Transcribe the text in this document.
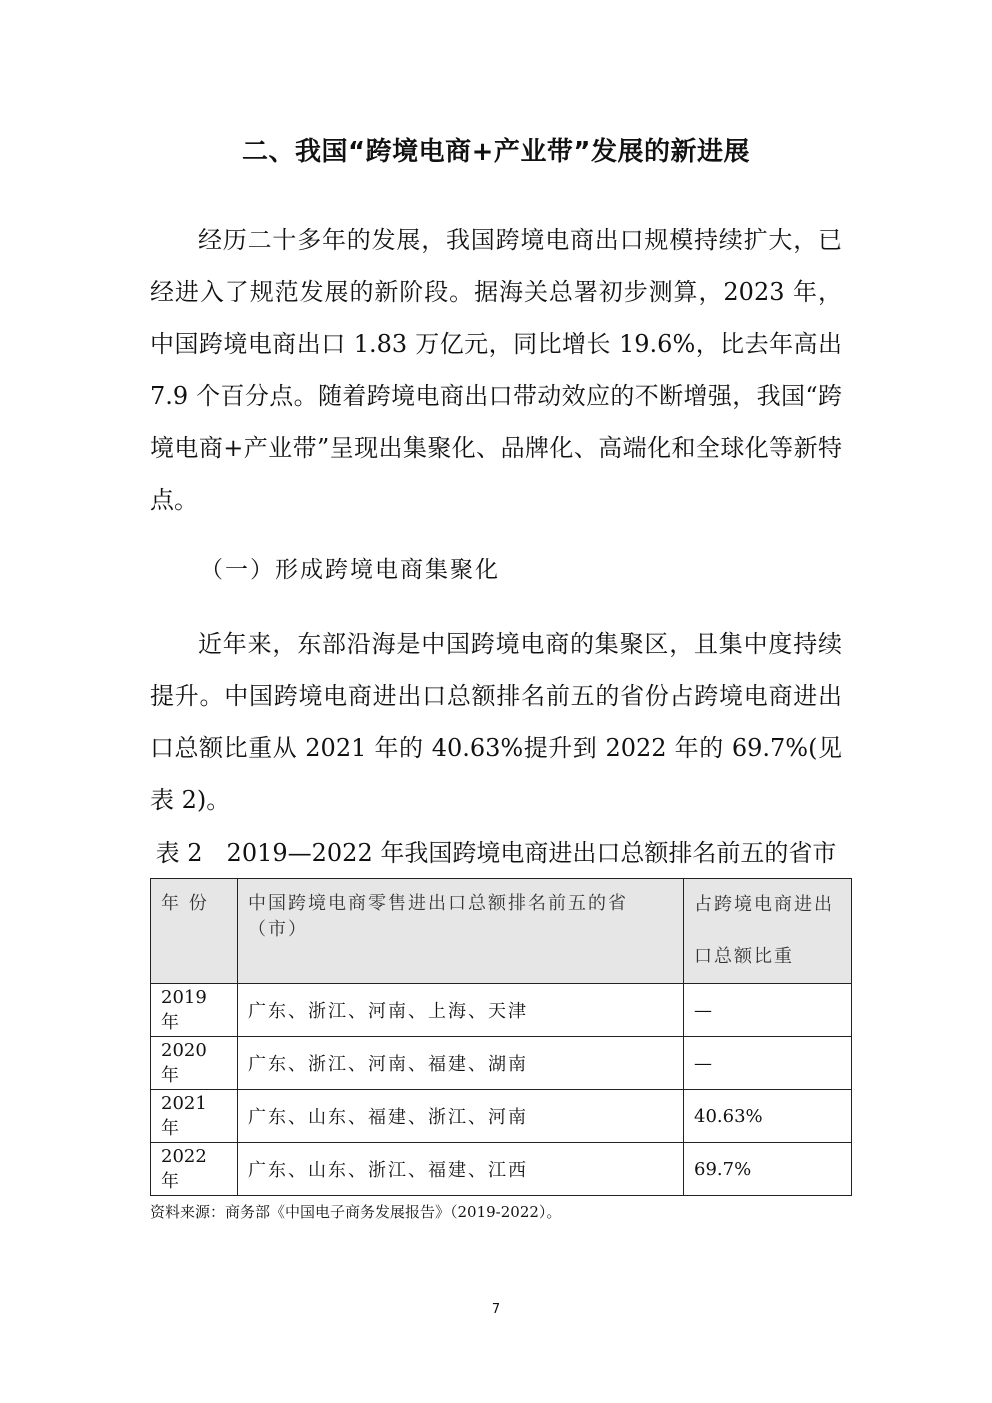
二、我国“跨境电商+产业带”发展的新进展

经历二十多年的发展，我国跨境电商出口规模持续扩大，已经进入了规范发展的新阶段。据海关总署初步测算，2023 年，中国跨境电商出口 1.83 万亿元，同比增长 19.6%，比去年高出 7.9 个百分点。随着跨境电商出口带动效应的不断增强，我国“跨境电商+产业带”呈现出集聚化、品牌化、高端化和全球化等新特点。

（一）形成跨境电商集聚化

近年来，东部沿海是中国跨境电商的集聚区，且集中度持续提升。中国跨境电商进出口总额排名前五的省份占跨境电商进出口总额比重从 2021 年的 40.63%提升到 2022 年的 69.7%(见表 2)。

表 2　2019—2022 年我国跨境电商进出口总额排名前五的省市
年 份	中国跨境电商零售进出口总额排名前五的省（市）	占跨境电商进出口总额比重
2019 年	广东、浙江、河南、上海、天津	—
2020 年	广东、浙江、河南、福建、湖南	—
2021 年	广东、山东、福建、浙江、河南	40.63%
2022 年	广东、山东、浙江、福建、江西	69.7%
资料来源：商务部《中国电子商务发展报告》（2019-2022）。
7
